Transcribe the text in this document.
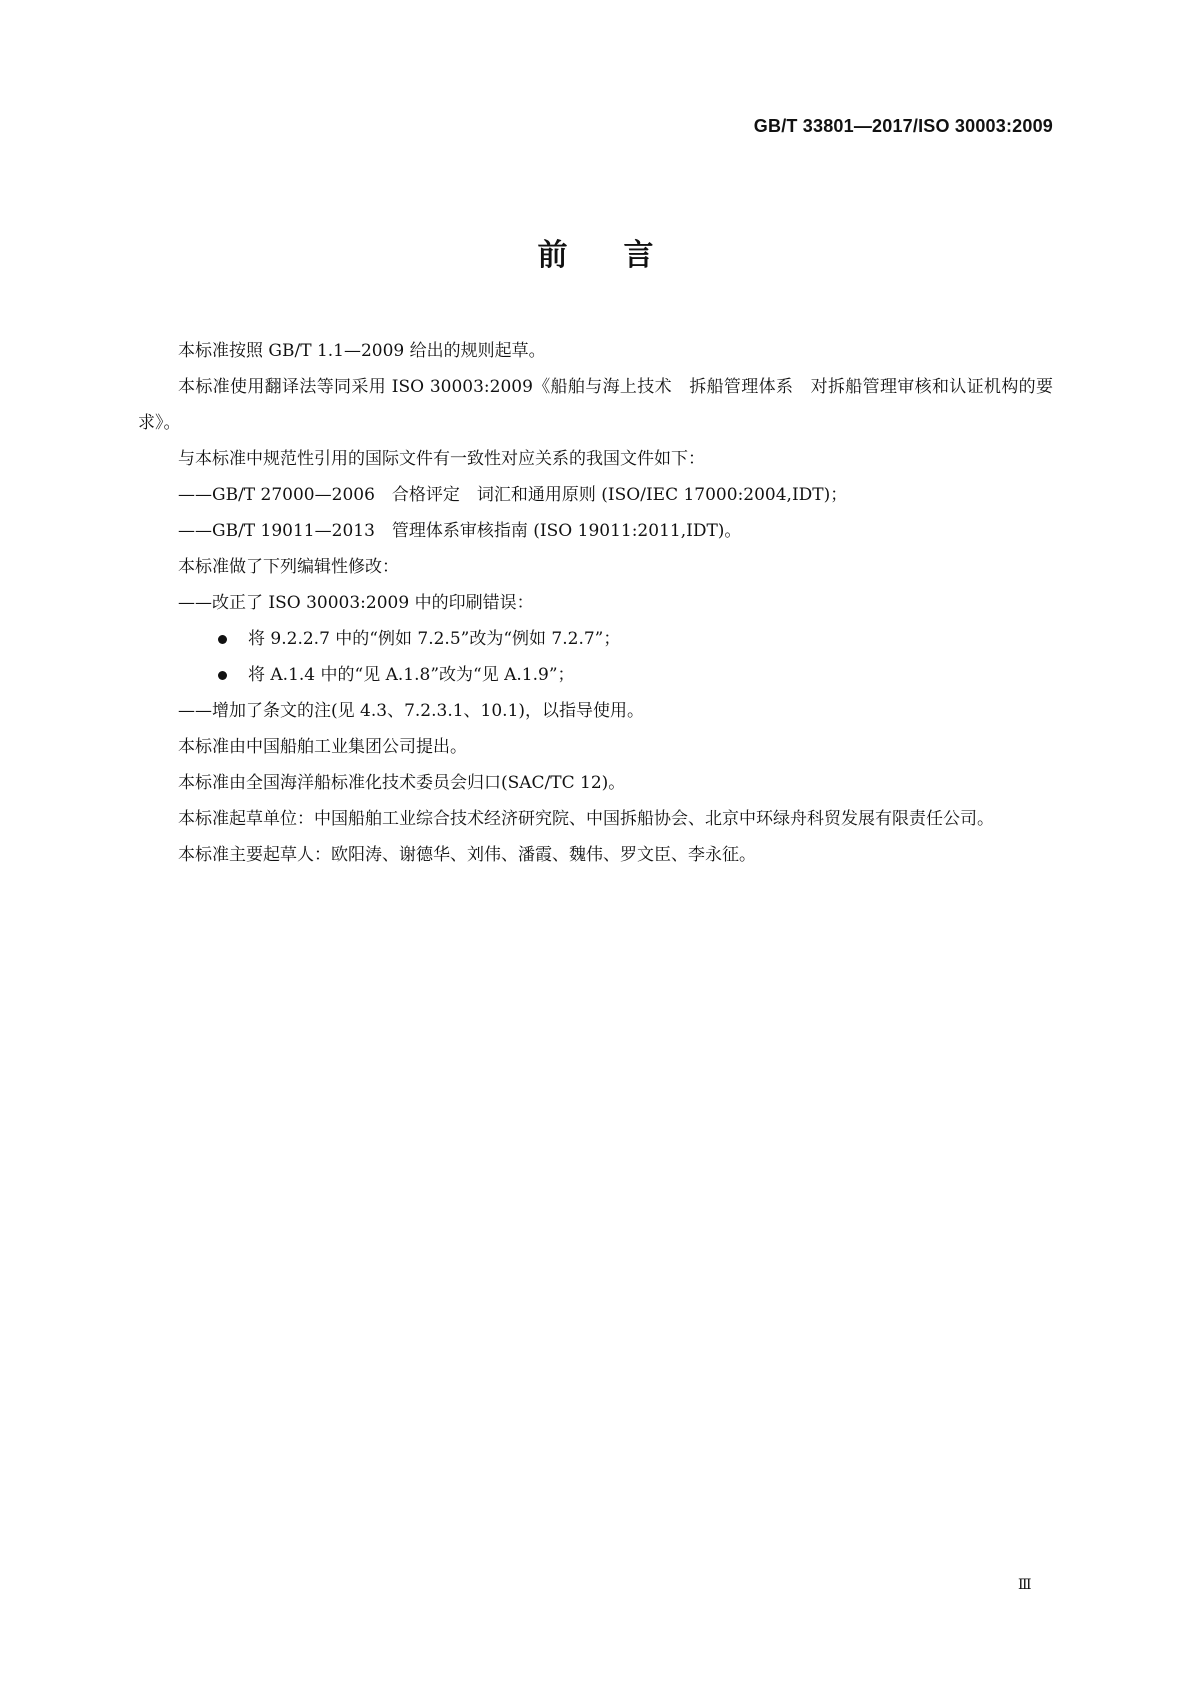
GB/T 33801—2017/ISO 30003:2009
前言

本标准按照 GB/T 1.1—2009 给出的规则起草。

本标准使用翻译法等同采用 ISO 30003:2009《船舶与海上技术　拆船管理体系　对拆船管理审核和认证机构的要求》。

与本标准中规范性引用的国际文件有一致性对应关系的我国文件如下：

——GB/T 27000—2006　合格评定　词汇和通用原则 (ISO/IEC 17000:2004,IDT)；

——GB/T 19011—2013　管理体系审核指南 (ISO 19011:2011,IDT)。

本标准做了下列编辑性修改：

——改正了 ISO 30003:2009 中的印刷错误：

将 9.2.2.7 中的“例如 7.2.5”改为“例如 7.2.7”；

将 A.1.4 中的“见 A.1.8”改为“见 A.1.9”；

——增加了条文的注(见 4.3、7.2.3.1、10.1)，以指导使用。

本标准由中国船舶工业集团公司提出。

本标准由全国海洋船标准化技术委员会归口(SAC/TC 12)。

本标准起草单位：中国船舶工业综合技术经济研究院、中国拆船协会、北京中环绿舟科贸发展有限责任公司。

本标准主要起草人：欧阳涛、谢德华、刘伟、潘霞、魏伟、罗文臣、李永征。

Ⅲ
